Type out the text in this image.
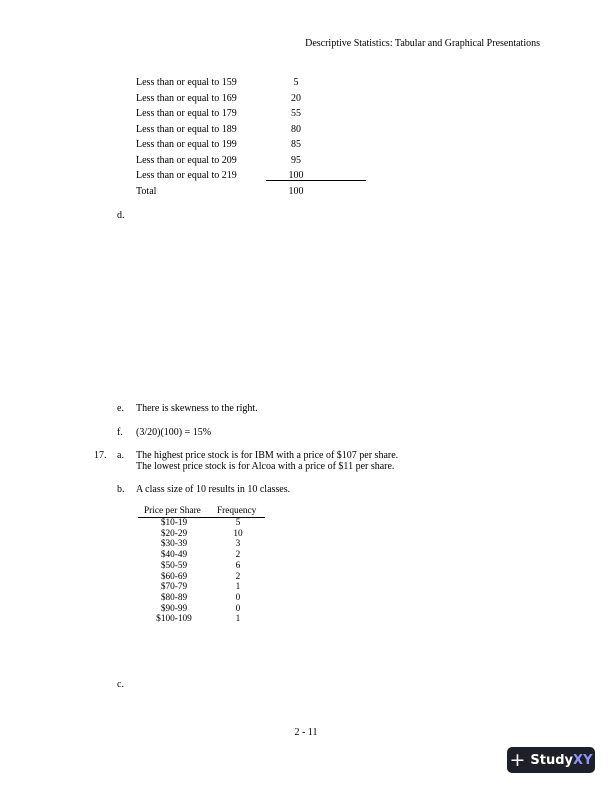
Descriptive Statistics: Tabular and Graphical Presentations
Less than or equal to 159	5
Less than or equal to 169	20
Less than or equal to 179	55
Less than or equal to 189	80
Less than or equal to 199	85
Less than or equal to 209	95
Less than or equal to 219	100
Total	100
d.
e. There is skewness to the right.
f. (3/20)(100) = 15%
17. a. The highest price stock is for IBM with a price of $107 per share.
The lowest price stock is for Alcoa with a price of $11 per share.
b. A class size of 10 results in 10 classes.
Price per Share Frequency
$10-19	5
$20-29	10
$30-39	3
$40-49	2
$50-59	6
$60-69	2
$70-79	1
$80-89	0
$90-99	0
$100-109	1
c.
2 - 11
+ Study XY
